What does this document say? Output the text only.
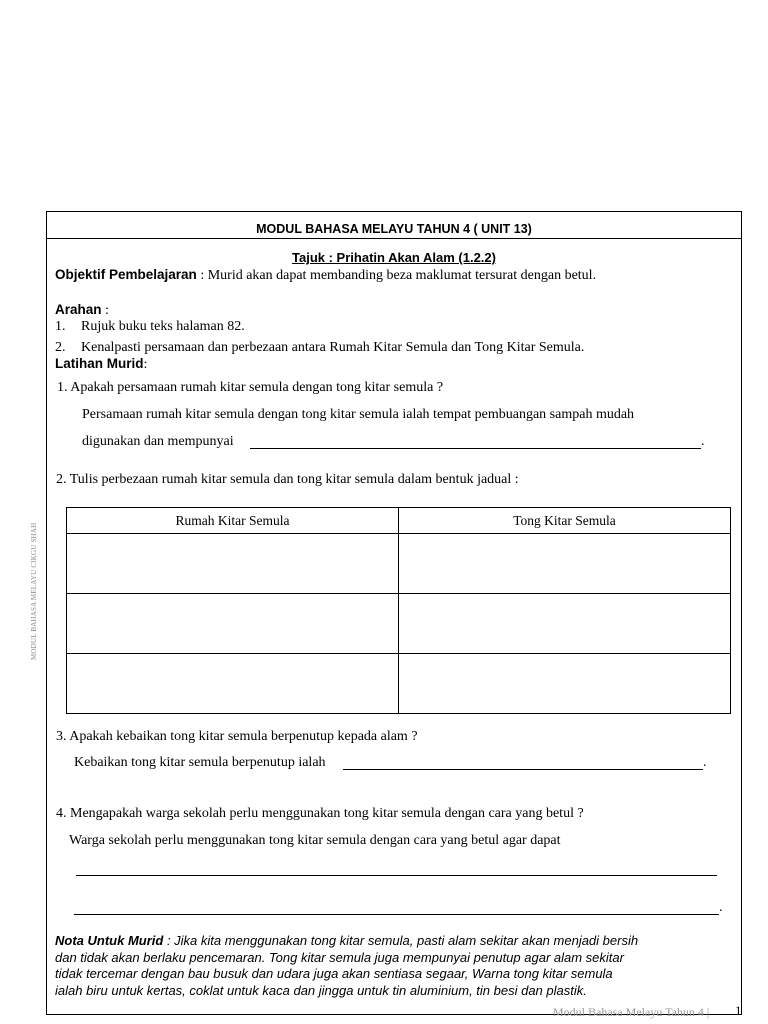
MODUL BAHASA MELAYU TAHUN 4 ( UNIT 13)
Tajuk : Prihatin Akan Alam (1.2.2)
Objektif Pembelajaran : Murid akan dapat membanding beza maklumat tersurat dengan betul.
Arahan :
1. Rujuk buku teks halaman 82.
2. Kenalpasti persamaan dan perbezaan antara Rumah Kitar Semula dan Tong Kitar Semula.
Latihan Murid:
1. Apakah persamaan rumah kitar semula dengan tong kitar semula ?
Persamaan rumah kitar semula dengan tong kitar semula ialah tempat pembuangan sampah mudah
digunakan dan mempunyai	.
2. Tulis perbezaan rumah kitar semula dan tong kitar semula dalam bentuk jadual :
Rumah Kitar Semula	Tong Kitar Semula

3. Apakah kebaikan tong kitar semula berpenutup kepada alam ?
Kebaikan tong kitar semula berpenutup ialah	.
4. Mengapakah warga sekolah perlu menggunakan tong kitar semula dengan cara yang betul ?
Warga sekolah perlu menggunakan tong kitar semula dengan cara yang betul agar dapat
.
Nota Untuk Murid : Jika kita menggunakan tong kitar semula, pasti alam sekitar akan menjadi bersih
dan tidak akan berlaku pencemaran. Tong kitar semula juga mempunyai penutup agar alam sekitar
tidak tercemar dengan bau busuk dan udara juga akan sentiasa segaar, Warna tong kitar semula
ialah biru untuk kertas, coklat untuk kaca dan jingga untuk tin aluminium, tin besi dan plastik.
MODUL BAHASA MELAYU CIKGU SHAH
Modul Bahasa Melayu Tahun 4 | 1
